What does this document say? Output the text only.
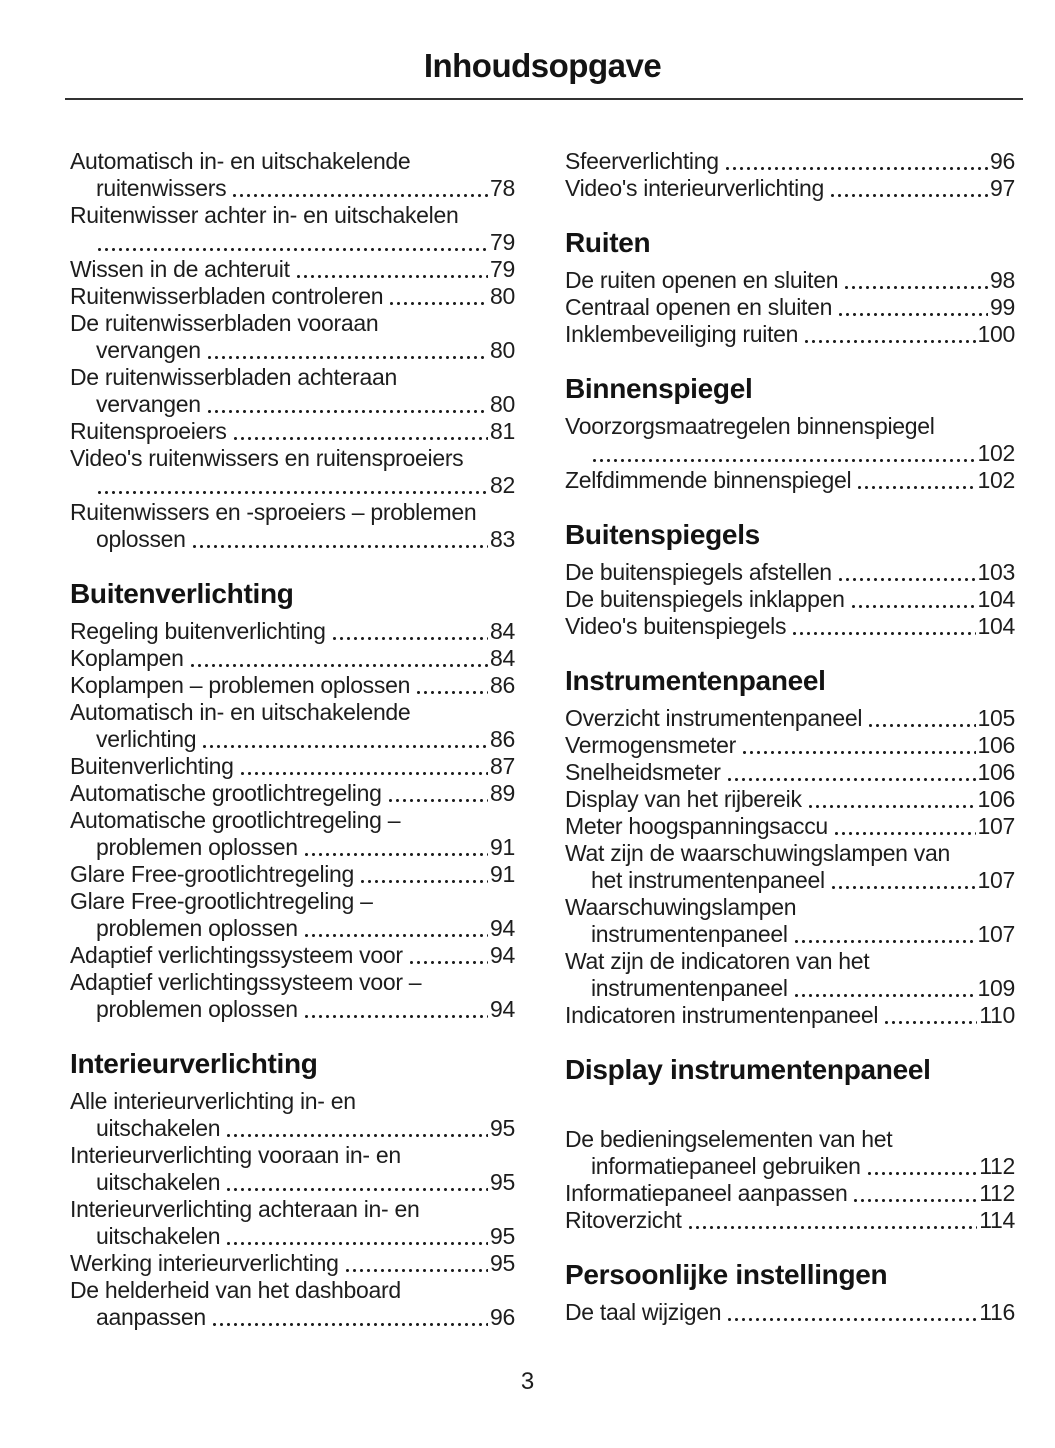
Inhoudsopgave
Automatisch in- en uitschakelende
ruitenwissers	78
Ruitenwisser achter in- en uitschakelen
79
Wissen in de achteruit	79
Ruitenwisserbladen controleren	80
De ruitenwisserbladen vooraan
vervangen	80
De ruitenwisserbladen achteraan
vervangen	80
Ruitensproeiers	81
Video's ruitenwissers en ruitensproeiers
82
Ruitenwissers en -sproeiers – problemen
oplossen	83
Buitenverlichting
Regeling buitenverlichting	84
Koplampen	84
Koplampen – problemen oplossen	86
Automatisch in- en uitschakelende
verlichting	86
Buitenverlichting	87
Automatische grootlichtregeling	89
Automatische grootlichtregeling –
problemen oplossen	91
Glare Free-grootlichtregeling	91
Glare Free-grootlichtregeling –
problemen oplossen	94
Adaptief verlichtingssysteem voor	94
Adaptief verlichtingssysteem voor –
problemen oplossen	94
Interieurverlichting
Alle interieurverlichting in- en
uitschakelen	95
Interieurverlichting vooraan in- en
uitschakelen	95
Interieurverlichting achteraan in- en
uitschakelen	95
Werking interieurverlichting	95
De helderheid van het dashboard
aanpassen	96
Sfeerverlichting	96
Video's interieurverlichting	97
Ruiten
De ruiten openen en sluiten	98
Centraal openen en sluiten	99
Inklembeveiliging ruiten	100
Binnenspiegel
Voorzorgsmaatregelen binnenspiegel
102
Zelfdimmende binnenspiegel	102
Buitenspiegels
De buitenspiegels afstellen	103
De buitenspiegels inklappen	104
Video's buitenspiegels	104
Instrumentenpaneel
Overzicht instrumentenpaneel	105
Vermogensmeter	106
Snelheidsmeter	106
Display van het rijbereik	106
Meter hoogspanningsaccu	107
Wat zijn de waarschuwingslampen van
het instrumentenpaneel	107
Waarschuwingslampen
instrumentenpaneel	107
Wat zijn de indicatoren van het
instrumentenpaneel	109
Indicatoren instrumentenpaneel	110
Display instrumentenpaneel
De bedieningselementen van het
informatiepaneel gebruiken	112
Informatiepaneel aanpassen	112
Ritoverzicht	114
Persoonlijke instellingen
De taal wijzigen	116
3
